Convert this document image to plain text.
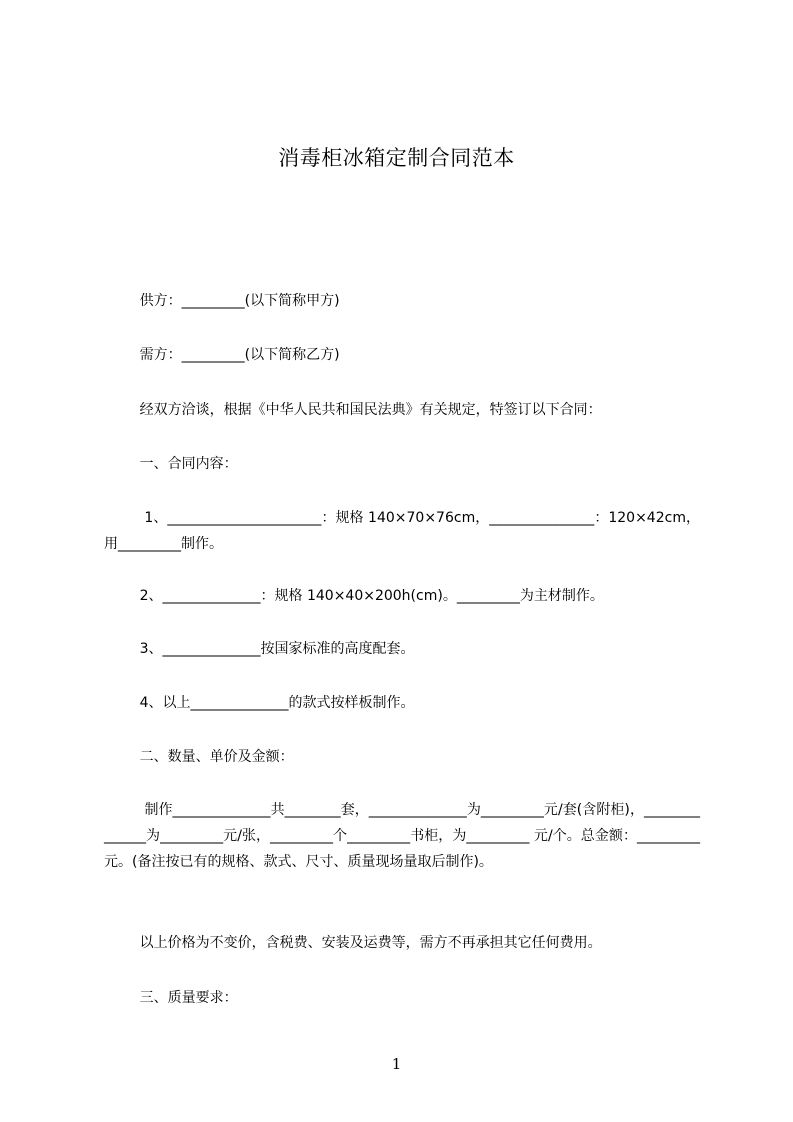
消毒柜冰箱定制合同范本
供方：_________(以下简称甲方)
需方：_________(以下简称乙方)
经双方洽谈，根据《中华人民共和国民法典》有关规定，特签订以下合同：
一、合同内容：
1、______________________：规格 140×70×76cm，_______________：120×42cm，用_________制作。
2、______________：规格 140×40×200h(cm)。_________为主材制作。
3、______________按国家标准的高度配套。
4、以上______________的款式按样板制作。
二、数量、单价及金额：
制作______________共________套，______________为_________元/套(含附柜)，______________为_________元/张，_________个_________书柜，为_________ 元/个。总金额：_________元。(备注按已有的规格、款式、尺寸、质量现场量取后制作)。
以上价格为不变价，含税费、安装及运费等，需方不再承担其它任何费用。
三、质量要求：
1
